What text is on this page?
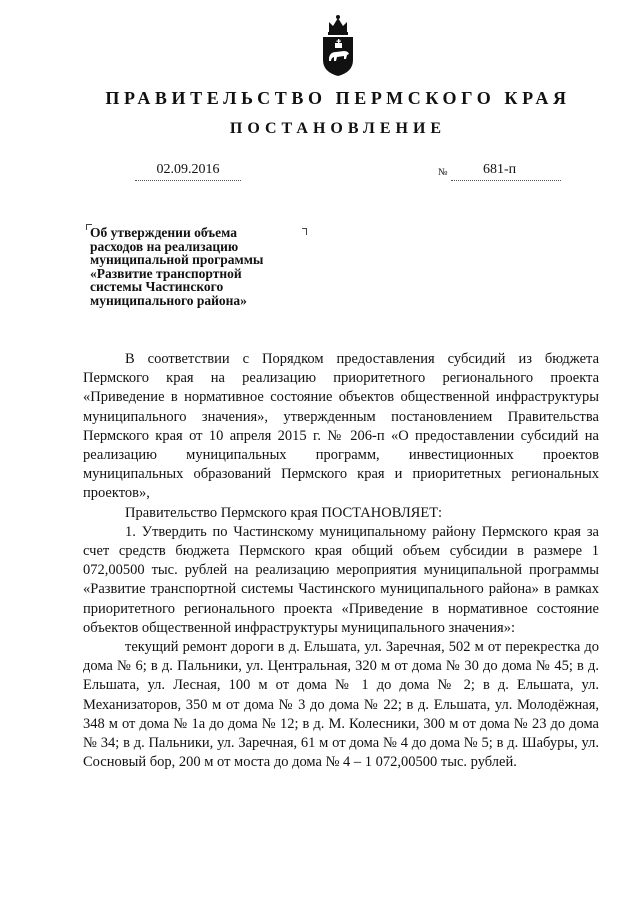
ПРАВИТЕЛЬСТВО ПЕРМСКОГО КРАЯ
ПОСТАНОВЛЕНИЕ
02.09.2016	№	681-п
Об утверждении объема
расходов на реализацию
муниципальной программы
«Развитие транспортной
системы Частинского
муниципального района»

В соответствии с Порядком предоставления субсидий из бюджета Пермского края на реализацию приоритетного регионального проекта «Приведение в нормативное состояние объектов общественной инфраструктуры муниципального значения», утвержденным постановлением Правительства Пермского края от 10 апреля 2015 г. № 206-п «О предоставлении субсидий на реализацию муниципальных программ, инвестиционных проектов муниципальных образований Пермского края и приоритетных региональных проектов»,

Правительство Пермского края ПОСТАНОВЛЯЕТ:

1. Утвердить по Частинскому муниципальному району Пермского края за счет средств бюджета Пермского края общий объем субсидии в размере 1 072,00500 тыс. рублей на реализацию мероприятия муниципальной программы «Развитие транспортной системы Частинского муниципального района» в рамках приоритетного регионального проекта «Приведение в нормативное состояние объектов общественной инфраструктуры муниципального значения»:

текущий ремонт дороги в д. Ельшата, ул. Заречная, 502 м от перекрестка до дома № 6; в д. Пальники, ул. Центральная, 320 м от дома № 30 до дома № 45; в д. Ельшата, ул. Лесная, 100 м от дома № 1 до дома № 2; в д. Ельшата, ул. Механизаторов, 350 м от дома № 3 до дома № 22; в д. Ельшата, ул. Молодёжная, 348 м от дома № 1а до дома № 12; в д. М. Колесники, 300 м от дома № 23 до дома № 34; в д. Пальники, ул. Заречная, 61 м от дома № 4 до дома № 5; в д. Шабуры, ул. Сосновый бор, 200 м от моста до дома № 4 – 1 072,00500 тыс. рублей.
